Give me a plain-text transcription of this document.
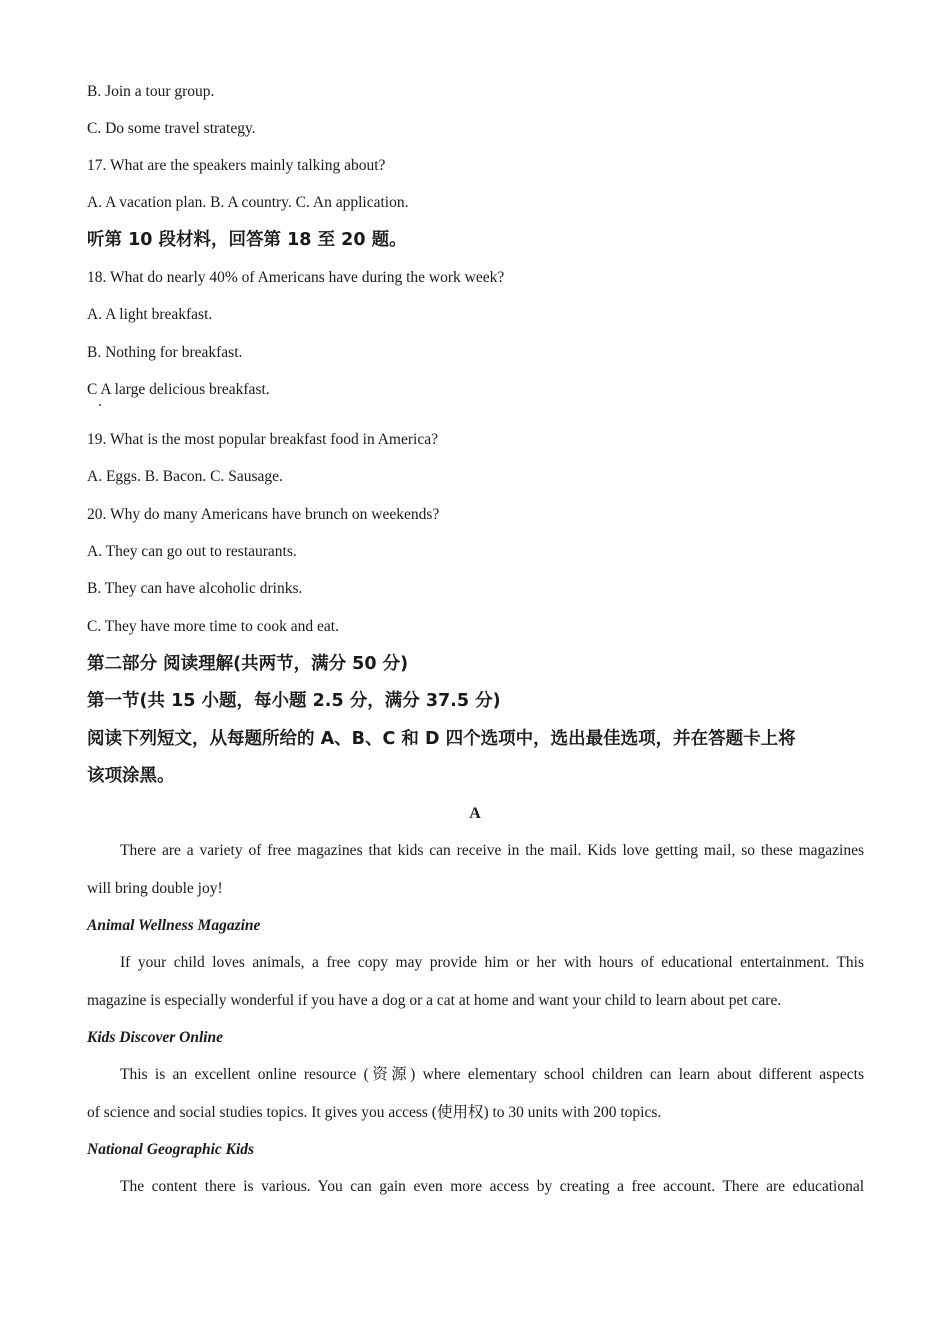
B. Join a tour group.
C. Do some travel strategy.
17. What are the speakers mainly talking about?
A. A vacation plan. B. A country. C. An application.
听第 10 段材料，回答第 18 至 20 题。
18. What do nearly 40% of Americans have during the work week?
A. A light breakfast.
B. Nothing for breakfast.
C A large delicious breakfast.
19. What is the most popular breakfast food in America?
A. Eggs. B. Bacon. C. Sausage.
20. Why do many Americans have brunch on weekends?
A. They can go out to restaurants.
B. They can have alcoholic drinks.
C. They have more time to cook and eat.
第二部分 阅读理解(共两节，满分 50 分)
第一节(共 15 小题，每小题 2.5 分，满分 37.5 分)
阅读下列短文，从每题所给的 A、B、C 和 D 四个选项中，选出最佳选项，并在答题卡上将
该项涂黑。
A
There are a variety of free magazines that kids can receive in the mail. Kids love getting mail, so these magazines
will bring double joy!
Animal Wellness Magazine
If your child loves animals, a free copy may provide him or her with hours of educational entertainment. This
magazine is especially wonderful if you have a dog or a cat at home and want your child to learn about pet care.
Kids Discover Online
This is an excellent online resource (资源) where elementary school children can learn about different aspects
of science and social studies topics. It gives you access (使用权) to 30 units with 200 topics.
National Geographic Kids
The content there is various. You can gain even more access by creating a free account. There are educational
